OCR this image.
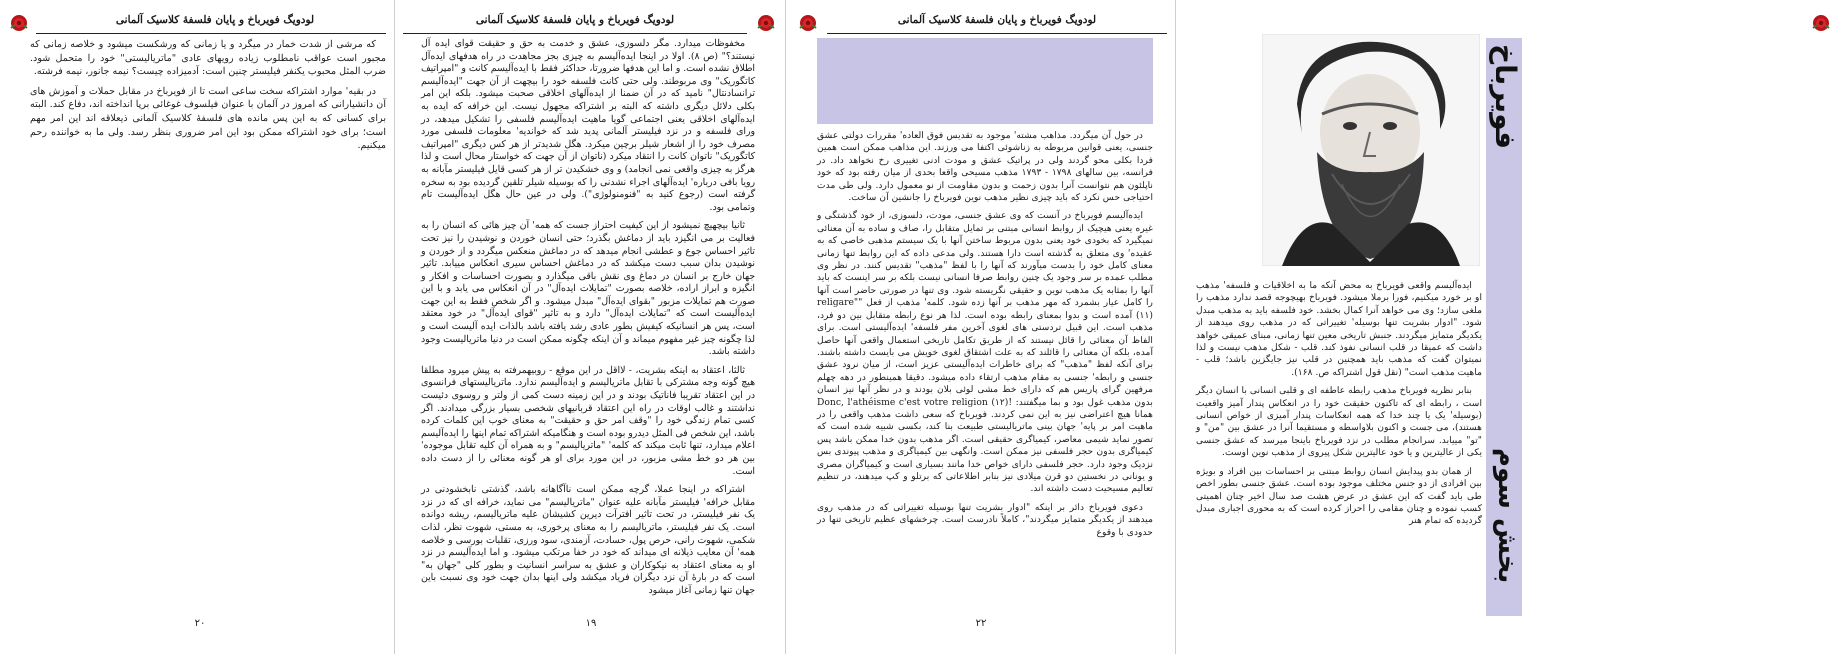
لودویگ فویرباخ و پایان فلسفهٔ کلاسیک آلمانی

که مرشی از شدت خمار در میگرد و یا زمانی که ورشکست میشود و خلاصه زمانی که مجبور است عواقب نامطلوب زیاده رویهای عادی "ماتریالیستی" خود را متحمل شود. ضرب المثل محبوب یکنفر فیلیستر چنین است: آدمیزاده چیست؟ نیمه جانور، نیمه فرشته.

در بقیه' موارد اشتراکه سخت ساعی است تا از فویرباخ در مقابل حملات و آموزش های آن دانشیارانی که امروز در آلمان با عنوان فیلسوف غوغائی برپا انداخته اند، دفاع کند. البته برای کسانی که به این پس مانده های فلسفهٔ کلاسیک آلمانی ذیعلاقه اند این امر مهم است؛ برای خود اشتراکه ممکن بود این امر ضروری بنظر رسد. ولی ما به خواننده رحم میکنیم.

۲۰
لودویگ فویرباخ و پایان فلسفهٔ کلاسیک آلمانی

مخفوظات میدارد. مگر دلسوزی، عشق و خدمت به حق و حقیقت قوای ایده آل نیستند؟" (ص ۸). اولا در اینجا ایده‌آلیسم به چیزی بجز مجاهدت در راه هدفهای ایده‌آل اطلاق نشده است. و اما این هدفها ضرورتا، حداکثر فقط با ایده‌آلیسم کانت و "امپراتیف کاتگوریک" وی مربوطند. ولی حتی کانت فلسفه خود را بیچهت از آن جهت "ایده‌آلیسم ترانسادنتال" نامید که در آن ضمنا از ایده‌آلهای اخلاقی صحبت میشود. بلکه این امر بکلی دلائل دیگری داشته که البته بر اشتراکه مجهول نیست. این خرافه که ایده به ایده‌آلهای اخلاقی یعنی اجتماعی گویا ماهیت ایده‌آلیسم فلسفی را تشکیل میدهد، در ورای فلسفه و در نزد فیلیستر آلمانی پدید شد که خواندیه' معلومات فلسفی مورد مصرف خود را از اشعار شیلر برچین میکرد. هگل شدیدتر از هر کس دیگری "امپراتیف کاتگوریک" ناتوان کانت را انتقاد میکرد (ناتوان از آن جهت که خواستار محال است و لذا هرگز به چیزی واقعی نمی انجامد) و وی خشکیدن تر از هر کسی قایل فیلیستر مآبانه به رویا بافی درباره' ایده‌آلهای اجراء نشدنی را که بوسیله شیلر تلقین گردیده بود به سخره گرفته است (رجوع کنید به "فنومنولوژی"). ولی در عین حال هگل ایده‌آلیست تام وتمامی بود.

ثانیا بیچهیچ نمیشود از این کیفیت احتراز جست که همه' آن چیز هائی که انسان را به فعالیت بر می انگیزد باید از دماغش بگذرد؛ حتی انسان خوردن و نوشیدن را نیز تحت تاثیر احساس جوع و عطشی انجام میدهد که در دماغش منعکس میگردد و از خوردن و نوشیدن بدان سبب دست میکشد که در دماغش احساس سیری انعکاس مییابد. تاثیر جهان خارج بر انسان در دماغ وی نقش باقی میگذارد و بصورت احساسات و افکار و انگیزه و ابراز اراده، خلاصه بصورت "تمایلات ایده‌آل" در آن انعکاس می یابد و با این صورت هم تمایلات مزبور "بقوای ایده‌آل" مبدل میشود. و اگر شخص فقط به این جهت ایده‌آلیست است که "تمایلات ایده‌آل" دارد و به تاثیر "قوای ایده‌آل" در خود معتقد است، پس هر انسانیکه کیفیش بطور عادی رشد یافته باشد بالذات ایده آلیست است و لذا چگونه چیز غیر مفهوم میماند و آن اینکه چگونه ممکن است در دنیا ماتریالیست وجود داشته باشد.

ثالثا، اعتقاد به اینکه بشریت، - لااقل در این موقع - روبیهمرفته به پیش میرود مطلقا هیچ گونه وجه مشترکی با تقابل ماتریالیسم و ایده‌آلیسم ندارد. ماتریالیستهای فرانسوی در این اعتقاد تقریبا فاناتیک بودند و در این زمینه دست کمی از ولتر و روسوی دئیست نداشتند و غالب اوقات در راه این اعتقاد قربانیهای شخصی بسیار بزرگی میدادند. اگر کسی تمام زندگی خود را "وقف امر حق و حقیقت" به معنای خوب این کلمات کرده باشد، این شخص فی المثل دیدرو بوده است و هنگامیکه اشتراکه تمام اینها را ایده‌آلیسم اعلام میدارد، تنها ثابت میکند که کلمه' "ماتریالیسم" و به همراه آن کلیه تقابل موجوده' بین هر دو خط مشی مزبور، در این مورد برای او هر گونه معنائی را از دست داده است.

اشتراکه در اینجا عملا، گرچه ممکن است ناآگاهانه باشد، گذشتی نابخشودنی در مقابل خرافه' فیلیستر مآبانه علیه عنوان "ماتریالیسم" می نماید، خرافه ای که در نزد یک نفر فیلیستر، در تحت تاثیر افترآت دیرین کشیشان علیه ماتریالیسم، ریشه دوانده است. یک نفر فیلیستر، ماتریالیسم را به معنای پرخوری، به مستی، شهوت نظر، لذات شکمی، شهوت رانی، حرص پول، حسادت، آزمندی، سود ورزی، تقلبات بورسی و خلاصه همه' آن معایب ذیلانه ای میداند که خود در خفا مرتکب میشود. و اما ایده‌آلیسم در نزد او به معنای اعتقاد به نیکوکاران و عشق به سراسر انسانیت و بطور کلی "جهان به" است که در بارهٔ آن نزد دیگران فریاد میکشد ولی اینها بدان جهت خود وی نسبت باین جهان تنها زمانی آغاز میشود

۱۹
لودویگ فویرباخ و پایان فلسفهٔ کلاسیک آلمانی

در حول آن میگردد. مذاهب مشته' موجود به تقدیس فوق العاده' مقررات دولتی عشق جنسی، یعنی قوانین مربوطه به زناشوئی اکتفا می ورزند. این مذاهب ممکن است همین فردا بکلی محو گردند ولی در پراتیک عشق و مودت ادنی تغییری رخ نخواهد داد. در فرانسه، بین سالهای ۱۷۹۸ - ۱۷۹۳ مذهب مسیحی واقعا بحدی از میان رفته بود که خود ناپلئون هم نتوانست آنرا بدون زحمت و بدون مقاومت از نو معمول دارد. ولی طی مدت احتیاجی حس نکرد که باید چیزی نظیر مذهب نوین فویرباخ را جانشین آن ساخت.

ایده‌آلیسم فویرباخ در آنست که وی عشق جنسی، مودت، دلسوزی، از خود گذشتگی و غیره یعنی هیچیک از روابط انسانی مبتنی بر تمایل متقابل را، صاف و ساده به آن معنائی نمیگیرد که بخودی خود یعنی بدون مربوط ساختن آنها با یک سیستم مذهبی خاصی که به عقیده' وی متعلق به گذشته است دارا هستند. ولی مدعی داده که این روابط تنها زمانی معنای کامل خود را بدست میآورند که آنها را با لفظ "مذهب" تقدیس کنند. در نظر وی مطلب عمده بر سر وجود یک چنین روابط صرفا انسانی نیست بلکه بر سر اینست که باید آنها را بمثابه یک مذهب نوین و حقیقی نگریسته شود. وی تنها در صورتی حاضر است آنها را کامل عیار بشمرد که مهر مذهب بر آنها زده شود. کلمه' مذهب از فعل "religare" (۱۱) آمده است و بدوا بمعنای رابطه بوده است. لذا هر نوع رابطه متقابل بین دو فرد، مذهب است. این قبیل تردستی های لغوی آخرین مفر فلسفه' ایده‌آلیستی است. برای الفاظ آن معنائی را قائل نیستند که از طریق تکامل تاریخی استعمال واقعی آنها حاصل آمده، بلکه آن معنائی را قائلند که به علت اشتقاق لغوی خویش می بایست داشته باشند. برای آنکه لفظ "مذهب" که برای خاطرات ایده‌آلیستی عزیز است، از میان نرود عشق جنسی و رابطه' جنسی به مقام مذهب ارتقاء داده میشود. دقیقا همینطور در دهه چهلم مرفهین گرای پاریس هم که دارای خط مشی لوئی بلان بودند و در نظر آنها نیز انسان بدون مذهب غول بود و بما میگفتند: !Donc, l'athéisme c'est votre religion (۱۲) همانا هیچ اعتراضی نیز به این نمی کردند. فویرباخ که سعی داشت مذهب واقعی را در ماهیت امر بر پایه' جهان بینی ماتریالیستی طبیعت بنا کند، بکسی شبیه شده است که تصور نماید شیمی معاصر، کیمیاگری حقیقی است. اگر مذهب بدون خدا ممکن باشد پس کیمیاگری بدون حجر فلسفی نیز ممکن است. وانگهی بین کیمیاگری و مذهب پیوندی بس نزدیک وجود دارد. حجر فلسفی دارای خواص خدا مانند بسیاری است و کیمیاگران مصری و یونانی در نخستین دو قرن میلادی نیز بنابر اطلاعاتی که برتلو و کپ میدهند، در تنظیم تعالیم مسیحیت دست داشته اند.

دعوی فویرباخ دائر بر اینکه "ادوار بشریت تنها بوسیله تغییراتی که در مذهب روی میدهند از یکدیگر متمایز میگردند"، کاملاً نادرست است. چرخشهای عظیم تاریخی تنها در حدودی با وقوع

۲۲
فویرباخ
بخش سوم

ایده‌آلیسم واقعی فویرباخ به محض آنکه ما به اخلاقیات و فلسفه' مذهب او بر خورد میکنیم، فورا برملا میشود. فویرباخ بهیچوجه قصد ندارد مذهب را ملغی سازد؛ وی می خواهد آنرا کمال بخشد. خود فلسفه باید به مذهب مبدل شود. "ادوار بشریت تنها بوسیله' تغییراتی که در مذهب روی میدهند از یکدیگر متمایز میگردند. جنبش تاریخی معین تنها زمانی، مبنای عمیقی خواهد داشت که عمیقا در قلب انسانی نفوذ کند. قلب - شکل مذهب نیست و لذا نمیتوان گفت که مذهب باید همچنین در قلب نیز جایگزین باشد؛ قلب - ماهیت مذهب است" (نقل قول اشتراکه ص. ۱۶۸).

بنابر نظریه فویرباخ مذهب رابطه عاطفه ای و قلبی انسانی با انسان دیگر است ، رابطه ای که تاکنون حقیقت خود را در انعکاس پندار آمیز واقعیت (بوسیله' یک یا چند خدا که همه انعکاسات پندار آمیزی از خواص انسانی هستند)، می جست و اکنون بلاواسطه و مستقیما آنرا در عشق بین "من" و "تو" مییابد. سرانجام مطلب در نزد فویرباخ باینجا میرسد که عشق جنسی یکی از عالیترین و یا خود عالیترین شکل پیروی از مذهب نوین اوست.

از همان بدو پیدایش انسان روابط مبتنی بر احساسات بین افراد و بویژه بین افرادی از دو جنس مختلف موجود بوده است. عشق جنسی بطور اخص طی باید گفت که این عشق در عرض هشت صد سال اخیر چنان اهمیتی کسب نموده و چنان مقامی را احراز کرده است که به محوری اجباری مبدل گردیده که تمام هنر
